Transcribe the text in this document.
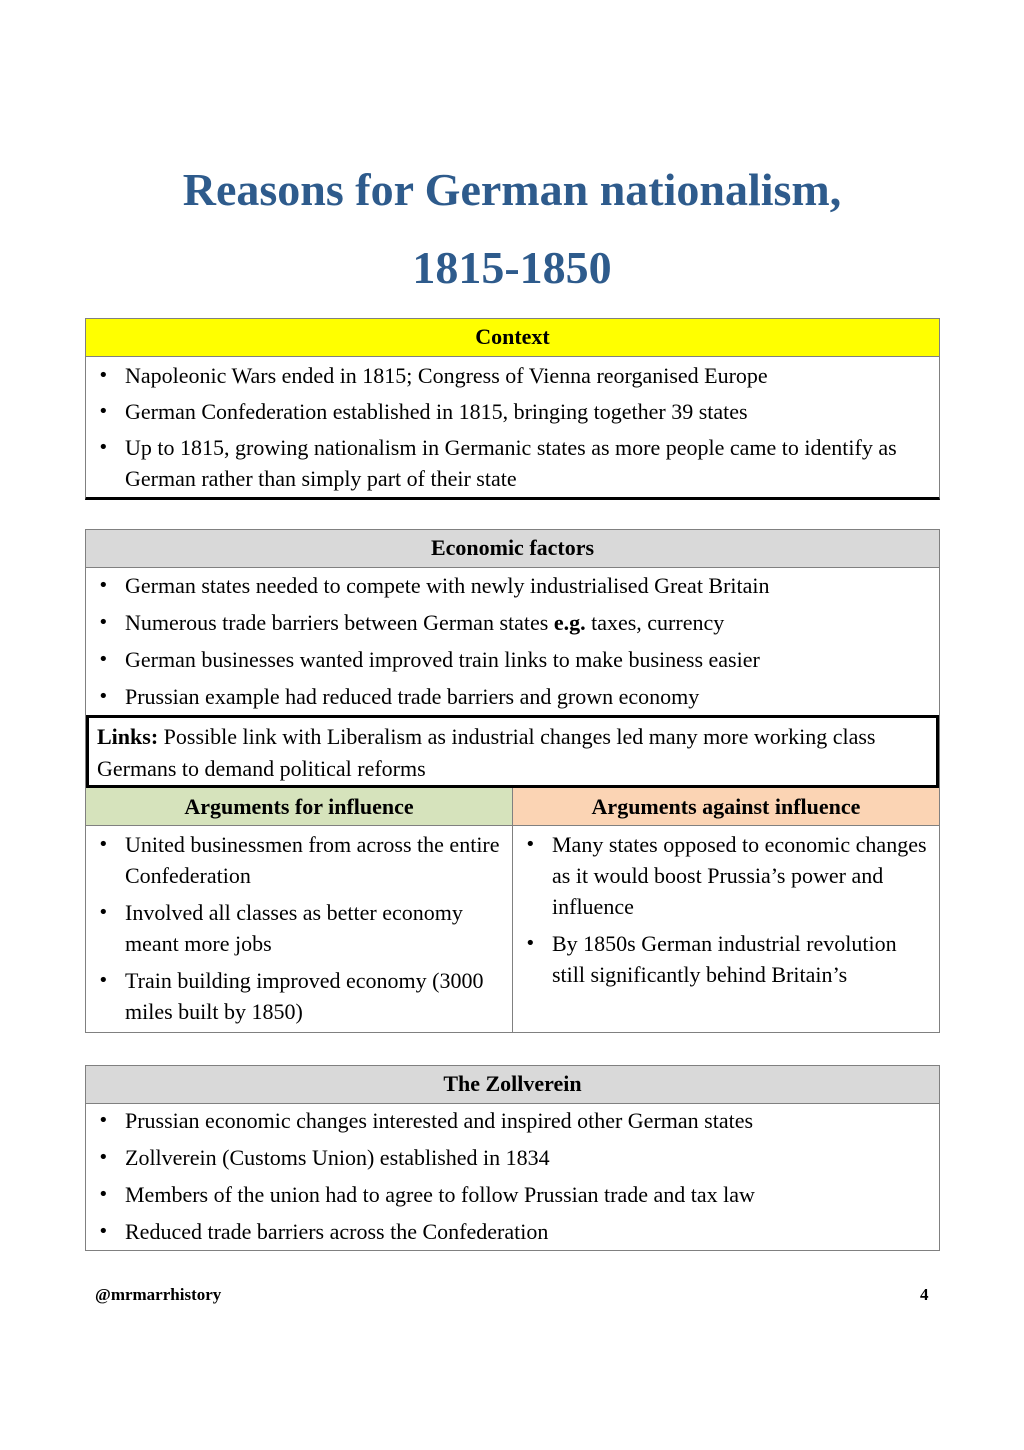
Reasons for German nationalism,
1815-1850
Context
• Napoleonic Wars ended in 1815; Congress of Vienna reorganised Europe
• German Confederation established in 1815, bringing together 39 states
• Up to 1815, growing nationalism in Germanic states as more people came to identify as German rather than simply part of their state
Economic factors
• German states needed to compete with newly industrialised Great Britain
• Numerous trade barriers between German states e.g. taxes, currency
• German businesses wanted improved train links to make business easier
• Prussian example had reduced trade barriers and grown economy
Links: Possible link with Liberalism as industrial changes led many more working class Germans to demand political reforms
Arguments for influence
• United businessmen from across the entire Confederation
• Involved all classes as better economy meant more jobs
• Train building improved economy (3000 miles built by 1850)
Arguments against influence
• Many states opposed to economic changes as it would boost Prussia’s power and influence
• By 1850s German industrial revolution still significantly behind Britain’s
The Zollverein
• Prussian economic changes interested and inspired other German states
• Zollverein (Customs Union) established in 1834
• Members of the union had to agree to follow Prussian trade and tax law
• Reduced trade barriers across the Confederation
@mrmarrhistory	4
